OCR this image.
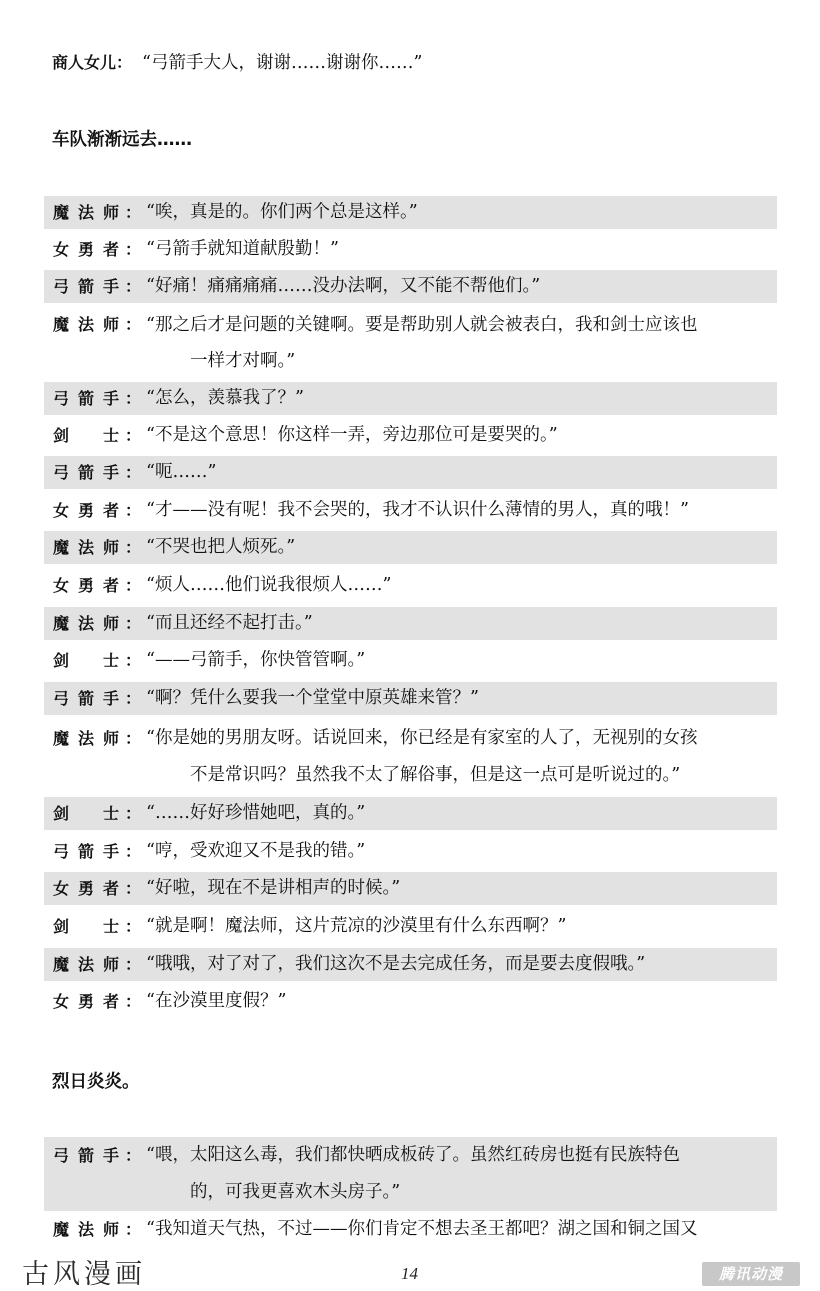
商人女儿： “弓箭手大人，谢谢……谢谢你……”
车队渐渐远去……
魔 法 师 ： “唉，真是的。你们两个总是这样。”
女 勇 者 ： “弓箭手就知道献殷勤！”
弓 箭 手 ： “好痛！痛痛痛痛……没办法啊，又不能不帮他们。”
魔 法 师 ： “那之后才是问题的关键啊。要是帮助别人就会被表白，我和剑士应该也
一样才对啊。”
弓 箭 手 ： “怎么，羡慕我了？”
剑 士 ： “不是这个意思！你这样一弄，旁边那位可是要哭的。”
弓 箭 手 ： “呃……”
女 勇 者 ： “才——没有呢！我不会哭的，我才不认识什么薄情的男人，真的哦！”
魔 法 师 ： “不哭也把人烦死。”
女 勇 者 ： “烦人……他们说我很烦人……”
魔 法 师 ： “而且还经不起打击。”
剑 士 ： “——弓箭手，你快管管啊。”
弓 箭 手 ： “啊？凭什么要我一个堂堂中原英雄来管？”
魔 法 师 ： “你是她的男朋友呀。话说回来，你已经是有家室的人了，无视别的女孩
不是常识吗？虽然我不太了解俗事，但是这一点可是听说过的。”
剑 士 ： “……好好珍惜她吧，真的。”
弓 箭 手 ： “哼，受欢迎又不是我的错。”
女 勇 者 ： “好啦，现在不是讲相声的时候。”
剑 士 ： “就是啊！魔法师，这片荒凉的沙漠里有什么东西啊？”
魔 法 师 ： “哦哦，对了对了，我们这次不是去完成任务，而是要去度假哦。”
女 勇 者 ： “在沙漠里度假？”
烈日炎炎。
弓 箭 手 ： “喂，太阳这么毒，我们都快晒成板砖了。虽然红砖房也挺有民族特色
的，可我更喜欢木头房子。”
魔 法 师 ： “我知道天气热，不过——你们肯定不想去圣王都吧？湖之国和铜之国又
古风漫画	14	腾讯动漫
